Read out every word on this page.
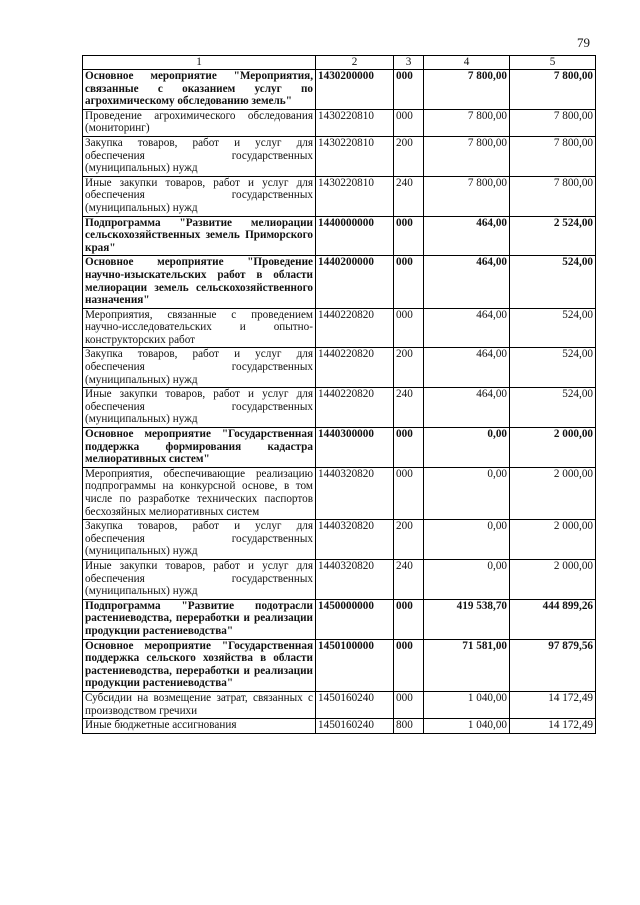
79
1	2	3	4	5
Основное мероприятие "Мероприятия, связанные с оказанием услуг по агрохимическому обследованию земель"	1430200000	000	7 800,00	7 800,00
Проведение агрохимического обследования (мониторинг)	1430220810	000	7 800,00	7 800,00
Закупка товаров, работ и услуг для обеспечения государственных (муниципальных) нужд	1430220810	200	7 800,00	7 800,00
Иные закупки товаров, работ и услуг для обеспечения государственных (муниципальных) нужд	1430220810	240	7 800,00	7 800,00
Подпрограмма "Развитие мелиорации сельскохозяйственных земель Приморского края"	1440000000	000	464,00	2 524,00
Основное мероприятие "Проведение научно-изыскательских работ в области мелиорации земель сельскохозяйственного назначения"	1440200000	000	464,00	524,00
Мероприятия, связанные с проведением научно-исследовательских и опытно-конструкторских работ	1440220820	000	464,00	524,00
Закупка товаров, работ и услуг для обеспечения государственных (муниципальных) нужд	1440220820	200	464,00	524,00
Иные закупки товаров, работ и услуг для обеспечения государственных (муниципальных) нужд	1440220820	240	464,00	524,00
Основное мероприятие "Государственная поддержка формирования кадастра мелиоративных систем"	1440300000	000	0,00	2 000,00
Мероприятия, обеспечивающие реализацию подпрограммы на конкурсной основе, в том числе по разработке технических паспортов бесхозяйных мелиоративных систем	1440320820	000	0,00	2 000,00
Закупка товаров, работ и услуг для обеспечения государственных (муниципальных) нужд	1440320820	200	0,00	2 000,00
Иные закупки товаров, работ и услуг для обеспечения государственных (муниципальных) нужд	1440320820	240	0,00	2 000,00
Подпрограмма "Развитие подотрасли растениеводства, переработки и реализации продукции растениеводства"	1450000000	000	419 538,70	444 899,26
Основное мероприятие "Государственная поддержка сельского хозяйства в области растениеводства, переработки и реализации продукции растениеводства"	1450100000	000	71 581,00	97 879,56
Субсидии на возмещение затрат, связанных с производством гречихи	1450160240	000	1 040,00	14 172,49
Иные бюджетные ассигнования	1450160240	800	1 040,00	14 172,49
